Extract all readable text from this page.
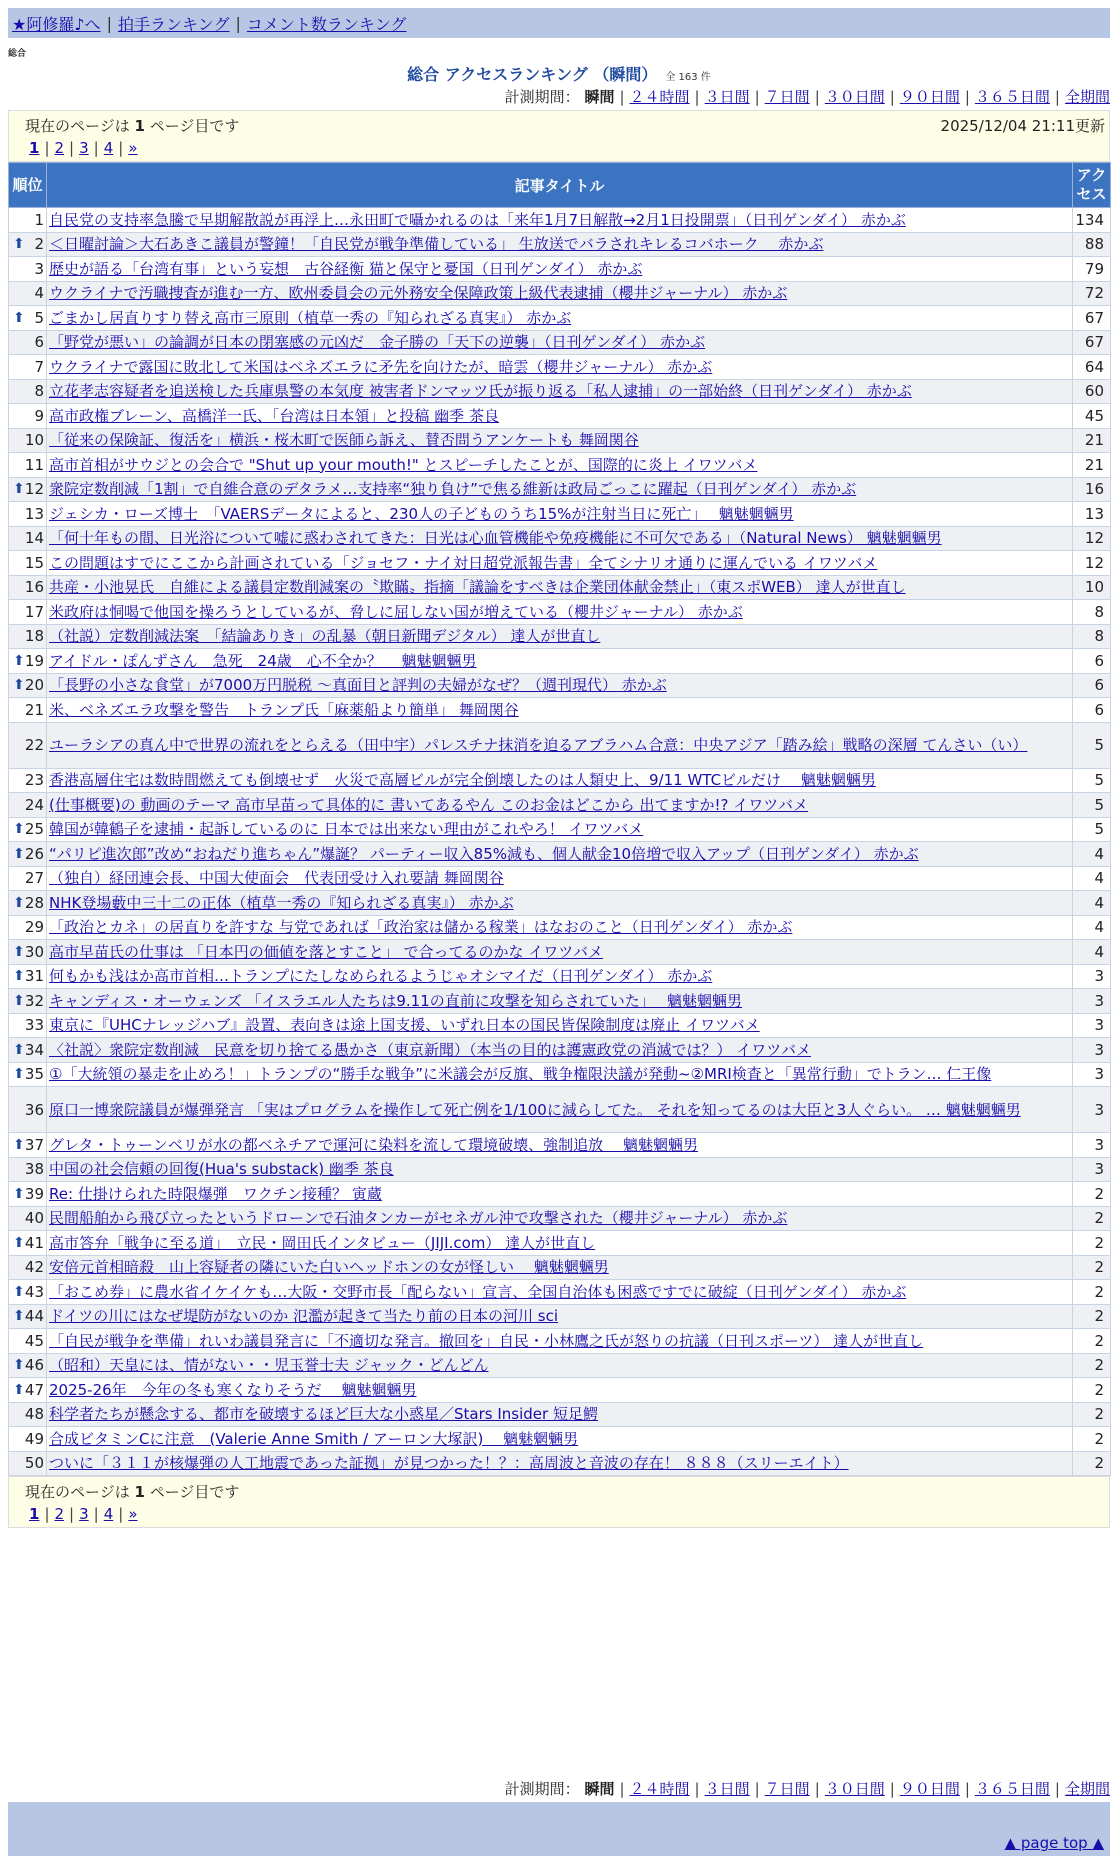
★阿修羅♪へ | 拍手ランキング | コメント数ランキング
総合
総合 アクセスランキング （瞬間） 全 163 件
計測期間： 瞬間 | ２４時間 | ３日間 | ７日間 | ３０日間 | ９０日間 | ３６５日間 | 全期間
現在のページは 1 ページ目です	2025/12/04 21:11更新
1 | 2 | 3 | 4 | »
順位	記事タイトル	アクセス
1	自民党の支持率急騰で早期解散説が再浮上…永田町で囁かれるのは「来年1月7日解散→2月1日投開票」（日刊ゲンダイ） 赤かぶ	134

⬆ 2	＜日曜討論＞大石あきこ議員が警鐘！「自民党が戦争準備している」 生放送でバラされキレるコバホーク　 赤かぶ	88
3	歴史が語る「台湾有事」という妄想　古谷経衡 猫と保守と憂国（日刊ゲンダイ） 赤かぶ	79
4	ウクライナで汚職捜査が進む一方、欧州委員会の元外務安全保障政策上級代表逮捕（櫻井ジャーナル） 赤かぶ	72

⬆ 5	ごまかし居直りすり替え高市三原則（植草一秀の『知られざる真実』） 赤かぶ	67
6	「野党が悪い」の論調が日本の閉塞感の元凶だ　金子勝の「天下の逆襲」（日刊ゲンダイ） 赤かぶ	67
7	ウクライナで露国に敗北して米国はベネズエラに矛先を向けたが、暗雲（櫻井ジャーナル） 赤かぶ	64
8	立花孝志容疑者を追送検した兵庫県警の本気度 被害者ドンマッツ氏が振り返る「私人逮捕」の一部始終（日刊ゲンダイ） 赤かぶ	60
9	高市政権ブレーン、高橋洋一氏、「台湾は日本領」と投稿 幽季 茶良	45
10	「従来の保険証、復活を」横浜・桜木町で医師ら訴え、賛否問うアンケートも 舞岡関谷	21
11	高市首相がサウジとの会合で "Shut up your mouth!" とスピーチしたことが、国際的に炎上 イワツバメ	21

⬆ 12	衆院定数削減「1割」で自維合意のデタラメ…支持率“独り負け”で焦る維新は政局ごっこに躍起（日刊ゲンダイ） 赤かぶ	16
13	ジェシカ・ローズ博士　「VAERSデータによると、230人の子どものうち15%が注射当日に死亡」　 魑魅魍魎男	13
14	「何十年もの間、日光浴について嘘に惑わされてきた：日光は心血管機能や免疫機能に不可欠である」（Natural News） 魑魅魍魎男	12
15	この問題はすでにここから計画されている「ジョセフ・ナイ対日超党派報告書」全てシナリオ通りに運んでいる イワツバメ	12
16	共産・小池晃氏　自維による議員定数削減案の〝欺瞞〟指摘「議論をすべきは企業団体献金禁止」（東スポWEB） 達人が世直し	10
17	米政府は恫喝で他国を操ろうとしているが、脅しに屈しない国が増えている（櫻井ジャーナル） 赤かぶ	8
18	（社説）定数削減法案　「結論ありき」の乱暴（朝日新聞デジタル） 達人が世直し	8

⬆ 19	アイドル・ぽんずさん　急死　24歳　心不全か？　 魑魅魍魎男	6

⬆ 20	「長野の小さな食堂」が7000万円脱税 ～真面目と評判の夫婦がなぜ？（週刊現代） 赤かぶ	6
21	米、ベネズエラ攻撃を警告　トランプ氏「麻薬船より簡単」 舞岡関谷	6
22	ユーラシアの真ん中で世界の流れをとらえる（田中宇）パレスチナ抹消を迫るアブラハム合意：中央アジア「踏み絵」戦略の深層 てんさい（い）	5
23	香港高層住宅は数時間燃えても倒壊せず　火災で高層ビルが完全倒壊したのは人類史上、9/11 WTCビルだけ　 魑魅魍魎男	5
24	(仕事概要)の 動画のテーマ 高市早苗って具体的に 書いてあるやん このお金はどこから 出てますか!? イワツバメ	5

⬆ 25	韓国が韓鶴子を逮捕・起訴しているのに 日本では出来ない理由がこれやろ！ イワツバメ	5

⬆ 26	“パリピ進次郎”改め“おねだり進ちゃん”爆誕？ パーティー収入85%減も、個人献金10倍増で収入アップ（日刊ゲンダイ） 赤かぶ	4
27	（独自）経団連会長、中国大使面会　代表団受け入れ要請 舞岡関谷	4

⬆ 28	NHK登場藪中三十二の正体（植草一秀の『知られざる真実』） 赤かぶ	4
29	「政治とカネ」の居直りを許すな 与党であれば「政治家は儲かる稼業」はなおのこと（日刊ゲンダイ） 赤かぶ	4

⬆ 30	高市早苗氏の仕事は 「日本円の価値を落とすこと」 で合ってるのかな イワツバメ	4

⬆ 31	何もかも浅はか高市首相…トランプにたしなめられるようじゃオシマイだ（日刊ゲンダイ） 赤かぶ	3

⬆ 32	キャンディス・オーウェンズ 「イスラエル人たちは9.11の直前に攻撃を知らされていた」　 魑魅魍魎男	3
33	東京に『UHCナレッジハブ』設置、表向きは途上国支援、いずれ日本の国民皆保険制度は廃止 イワツバメ	3

⬆ 34	〈社説〉衆院定数削減　民意を切り捨てる愚かさ（東京新聞）（本当の目的は護憲政党の消滅では？） イワツバメ	3

⬆ 35	①「大統領の暴走を止めろ！」トランプの“勝手な戦争”に米議会が反旗、戦争権限決議が発動~②MRI検査と「異常行動」でトラン… 仁王像	3
36	原口一博衆院議員が爆弾発言 「実はプログラムを操作して死亡例を1/100に減らしてた。 それを知ってるのは大臣と3人ぐらい。 … 魑魅魍魎男	3

⬆ 37	グレタ・トゥーンベリが水の都ベネチアで運河に染料を流して環境破壊、強制追放　 魑魅魍魎男	3
38	中国の社会信頼の回復(Hua's substack) 幽季 茶良	3

⬆ 39	Re: 仕掛けられた時限爆弾　ワクチン接種？ 寅蔵	2
40	民間船舶から飛び立ったというドローンで石油タンカーがセネガル沖で攻撃された（櫻井ジャーナル） 赤かぶ	2

⬆ 41	高市答弁「戦争に至る道」　立民・岡田氏インタビュー（JIJI.com） 達人が世直し	2
42	安倍元首相暗殺　山上容疑者の隣にいた白いヘッドホンの女が怪しい　 魑魅魍魎男	2

⬆ 43	「おこめ券」に農水省イケイケも…大阪・交野市長「配らない」宣言、全国自治体も困惑ですでに破綻（日刊ゲンダイ） 赤かぶ	2

⬆ 44	ドイツの川にはなぜ堤防がないのか 氾濫が起きて当たり前の日本の河川 sci	2
45	「自民が戦争を準備」れいわ議員発言に「不適切な発言。撤回を」自民・小林鷹之氏が怒りの抗議（日刊スポーツ） 達人が世直し	2

⬆ 46	（昭和）天皇には、情がない・・児玉誉士夫 ジャック・どんどん	2

⬆ 47	2025-26年　今年の冬も寒くなりそうだ　 魑魅魍魎男	2
48	科学者たちが懸念する、都市を破壊するほど巨大な小惑星／Stars Insider 短足鰐	2
49	合成ビタミンCに注意　(Valerie Anne Smith / アーロン大塚訳)　 魑魅魍魎男	2
50	ついに「３１１が核爆弾の人工地震であった証拠」が見つかった！？：高周波と音波の存在！ ８８８（スリーエイト）	2
現在のページは 1 ページ目です
1 | 2 | 3 | 4 | »
計測期間： 瞬間 | ２４時間 | ３日間 | ７日間 | ３０日間 | ９０日間 | ３６５日間 | 全期間
▲ page top ▲
